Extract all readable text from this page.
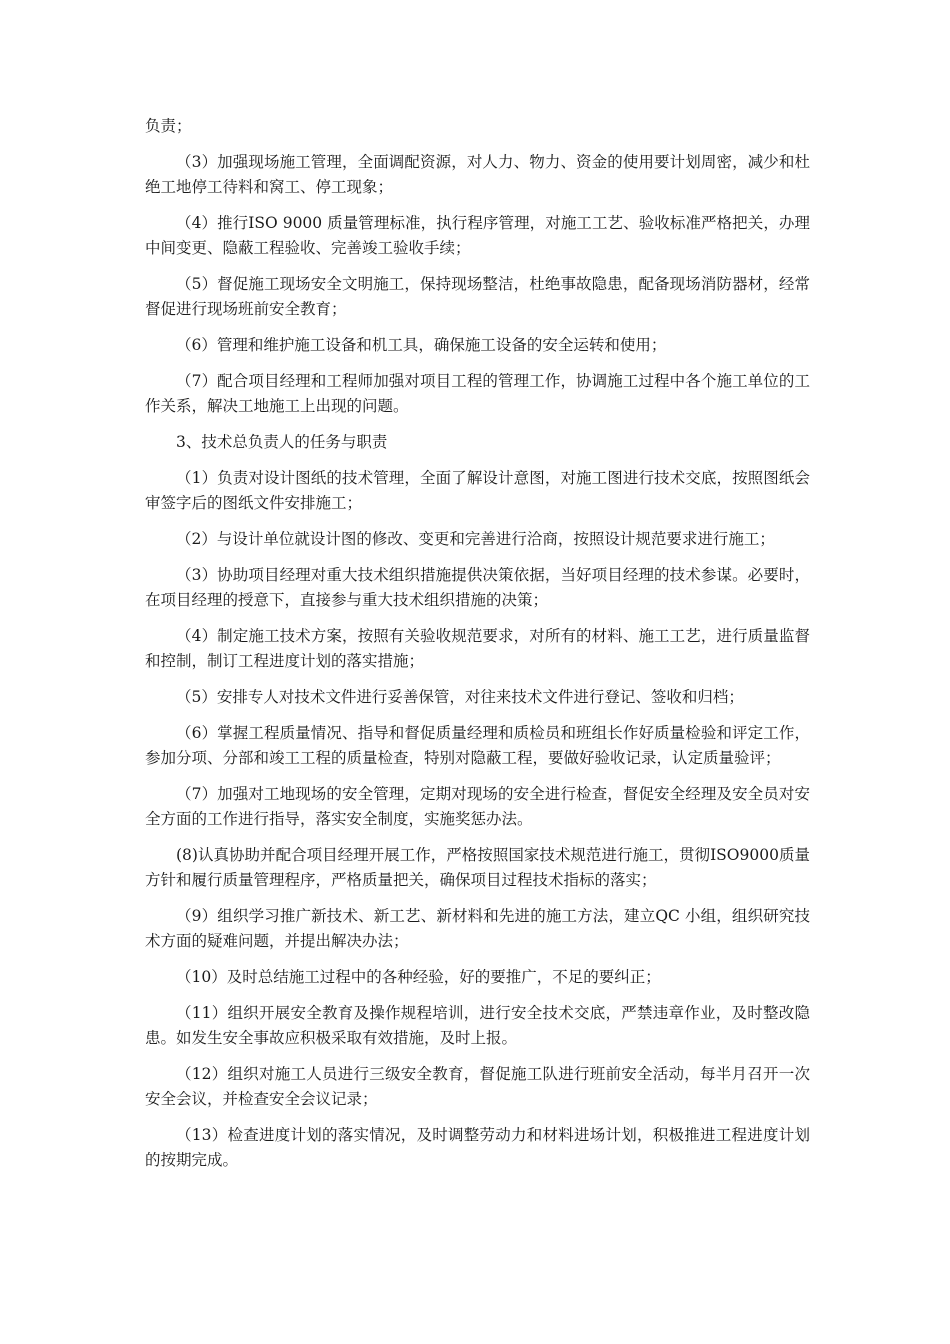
负责；

（3）加强现场施工管理，全面调配资源，对人力、物力、资金的使用要计划周密，减少和杜绝工地停工待料和窝工、停工现象；

（4）推行ISO 9000 质量管理标准，执行程序管理，对施工工艺、验收标准严格把关，办理中间变更、隐蔽工程验收、完善竣工验收手续；

（5）督促施工现场安全文明施工，保持现场整洁，杜绝事故隐患，配备现场消防器材，经常督促进行现场班前安全教育；

（6）管理和维护施工设备和机工具，确保施工设备的安全运转和使用；

（7）配合项目经理和工程师加强对项目工程的管理工作，协调施工过程中各个施工单位的工作关系，解决工地施工上出现的问题。

3、技术总负责人的任务与职责

（1）负责对设计图纸的技术管理，全面了解设计意图，对施工图进行技术交底，按照图纸会审签字后的图纸文件安排施工；

（2）与设计单位就设计图的修改、变更和完善进行洽商，按照设计规范要求进行施工；

（3）协助项目经理对重大技术组织措施提供决策依据，当好项目经理的技术参谋。必要时，在项目经理的授意下，直接参与重大技术组织措施的决策；

（4）制定施工技术方案，按照有关验收规范要求，对所有的材料、施工工艺，进行质量监督和控制，制订工程进度计划的落实措施；

（5）安排专人对技术文件进行妥善保管，对往来技术文件进行登记、签收和归档；

（6）掌握工程质量情况、指导和督促质量经理和质检员和班组长作好质量检验和评定工作，参加分项、分部和竣工工程的质量检查，特别对隐蔽工程，要做好验收记录，认定质量验评；

（7）加强对工地现场的安全管理，定期对现场的安全进行检查，督促安全经理及安全员对安全方面的工作进行指导，落实安全制度，实施奖惩办法。

(8)认真协助并配合项目经理开展工作，严格按照国家技术规范进行施工，贯彻ISO9000质量方针和履行质量管理程序，严格质量把关，确保项目过程技术指标的落实；

（9）组织学习推广新技术、新工艺、新材料和先进的施工方法，建立QC 小组，组织研究技术方面的疑难问题，并提出解决办法；

（10）及时总结施工过程中的各种经验，好的要推广，不足的要纠正；

（11）组织开展安全教育及操作规程培训，进行安全技术交底，严禁违章作业，及时整改隐患。如发生安全事故应积极采取有效措施，及时上报。

（12）组织对施工人员进行三级安全教育，督促施工队进行班前安全活动，每半月召开一次安全会议，并检查安全会议记录；

（13）检查进度计划的落实情况，及时调整劳动力和材料进场计划，积极推进工程进度计划的按期完成。
